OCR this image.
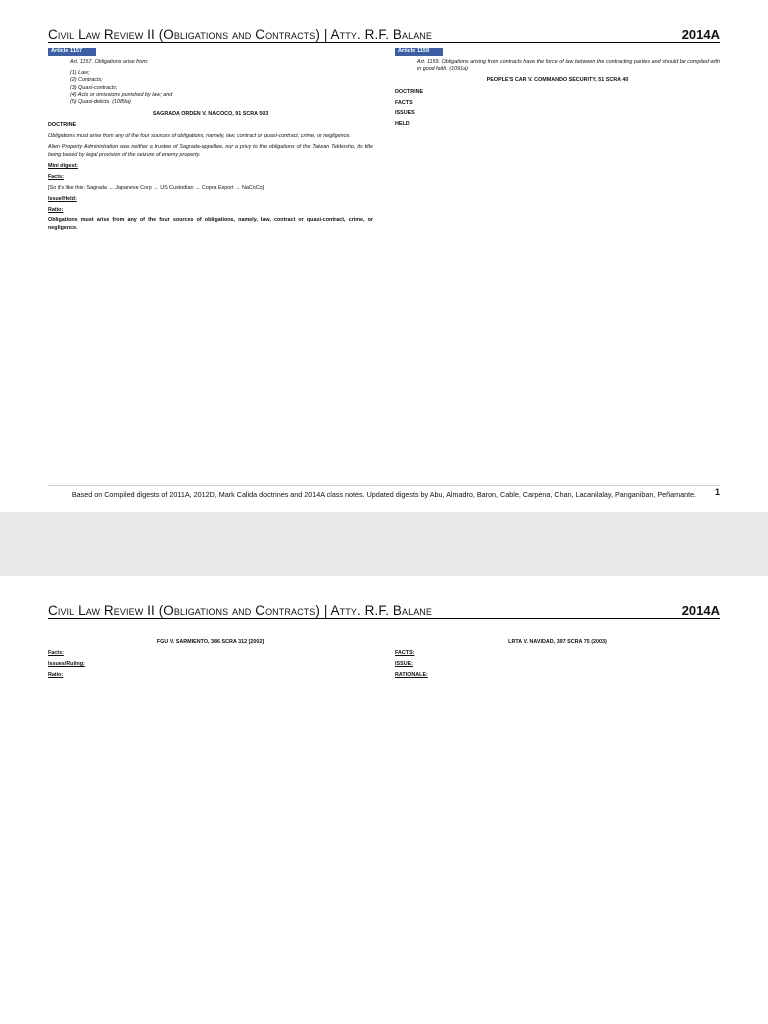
Civil Law Review II (Obligations and Contracts) | Atty. R.F. Balane	2014A
Article 1157
Art. 1157. Obligations arise from:
(1) Law;
(2) Contracts;
(3) Quasi-contracts;
(4) Acts or omissions punished by law; and
(5) Quasi-delicts. (1089a)
SAGRADA ORDEN V. NACOCO, 91 SCRA 503
DOCTRINE
Obligations must arise from any of the four sources of obligations, namely, law, contract or quasi-contract, crime, or negligence.
Alien Property Administration was neither a trustee of Sagrada-appellee, nor a privy to the obligations of the Taiwan Tekkosho, its title being based by legal provision of the seizure of enemy property.
Mini digest:
Facts:
[So it's like this: Sagrada → Japanese Corp → US Custodian → Copra Export → NaCoCo]
Issue/Held:
Ratio:
Obligations must arise from any of the four sources of obligations, namely, law, contract or quasi-contract, crime, or negligence.
Article 1159
Art. 1159. Obligations arising from contracts have the force of law between the contracting parties and should be complied with in good faith. (1091a)
PEOPLE'S CAR V. COMMANDO SECURITY, 51 SCRA 40
DOCTRINE
FACTS
ISSUES
HELD
Based on Compiled digests of 2011A, 2012D, Mark Calida doctrines and 2014A class notes. Updated digests by Abu, Almadro, Baron, Cable, Carpena, Chan, Lacanilalay, Panganiban, Peñamante.	1
Civil Law Review II (Obligations and Contracts) | Atty. R.F. Balane	2014A
FGU V. SARMIENTO, 386 SCRA 312 [2002]
Facts:
Issues/Ruling:
Ratio:
LRTA V. NAVIDAD, 397 SCRA 75 (2003)
FACTS:
ISSUE:
RATIONALE:
